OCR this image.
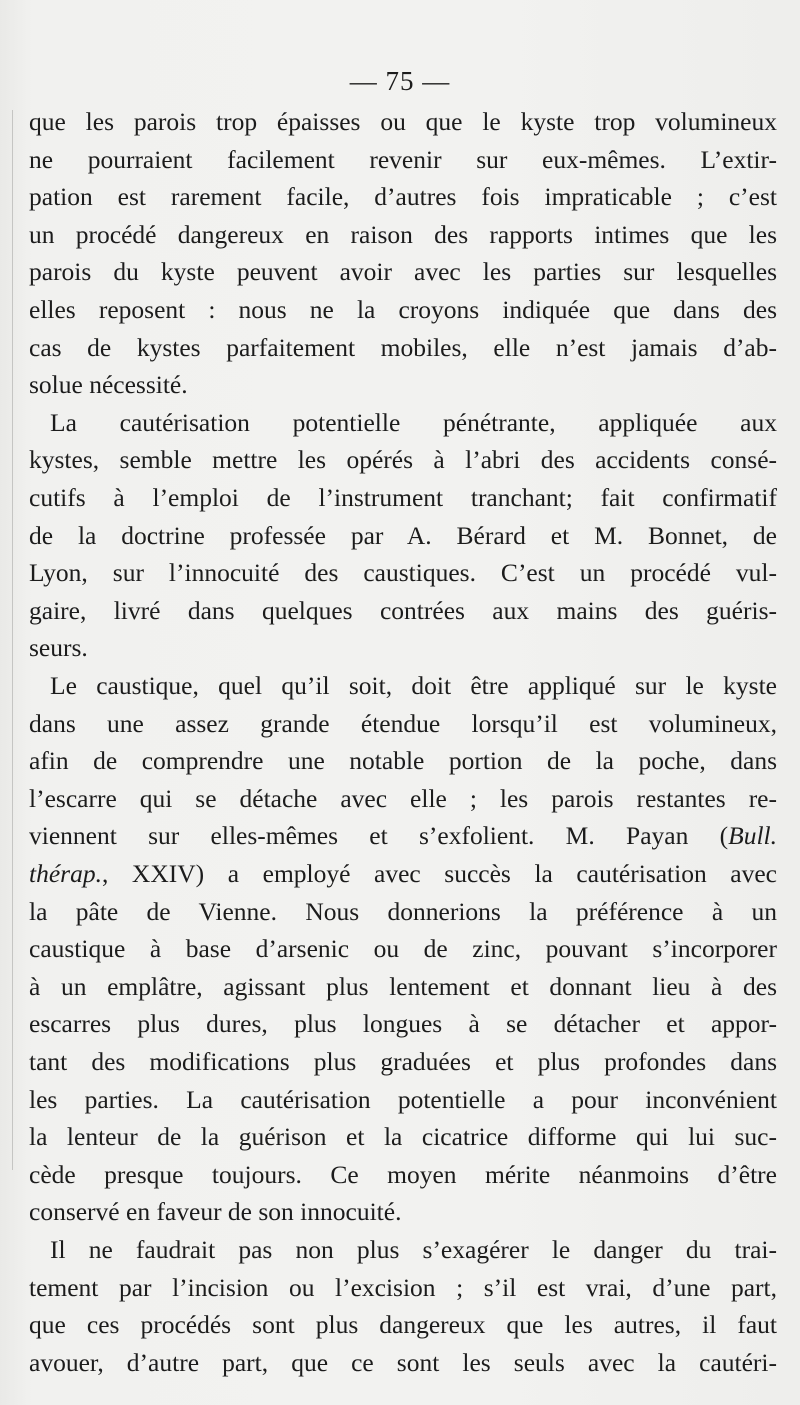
— 75 —
que les parois trop épaisses ou que le kyste trop volumineux
ne pourraient facilement revenir sur eux-mêmes. L’extir-
pation est rarement facile, d’autres fois impraticable ; c’est
un procédé dangereux en raison des rapports intimes que les
parois du kyste peuvent avoir avec les parties sur lesquelles
elles reposent : nous ne la croyons indiquée que dans des
cas de kystes parfaitement mobiles, elle n’est jamais d’ab-
solue nécessité.
La cautérisation potentielle pénétrante, appliquée aux
kystes, semble mettre les opérés à l’abri des accidents consé-
cutifs à l’emploi de l’instrument tranchant; fait confirmatif
de la doctrine professée par A. Bérard et M. Bonnet, de
Lyon, sur l’innocuité des caustiques. C’est un procédé vul-
gaire, livré dans quelques contrées aux mains des guéris-
seurs.
Le caustique, quel qu’il soit, doit être appliqué sur le kyste
dans une assez grande étendue lorsqu’il est volumineux,
afin de comprendre une notable portion de la poche, dans
l’escarre qui se détache avec elle ; les parois restantes re-
viennent sur elles-mêmes et s’exfolient. M. Payan (Bull.
thérap., XXIV) a employé avec succès la cautérisation avec
la pâte de Vienne. Nous donnerions la préférence à un
caustique à base d’arsenic ou de zinc, pouvant s’incorporer
à un emplâtre, agissant plus lentement et donnant lieu à des
escarres plus dures, plus longues à se détacher et appor-
tant des modifications plus graduées et plus profondes dans
les parties. La cautérisation potentielle a pour inconvénient
la lenteur de la guérison et la cicatrice difforme qui lui suc-
cède presque toujours. Ce moyen mérite néanmoins d’être
conservé en faveur de son innocuité.
Il ne faudrait pas non plus s’exagérer le danger du trai-
tement par l’incision ou l’excision ; s’il est vrai, d’une part,
que ces procédés sont plus dangereux que les autres, il faut
avouer, d’autre part, que ce sont les seuls avec la cautéri-
